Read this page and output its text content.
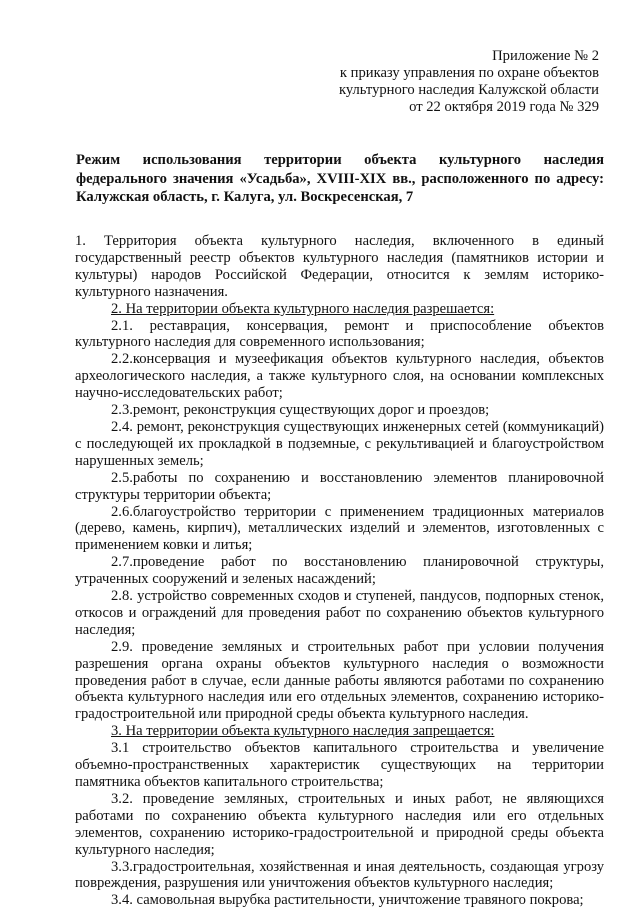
Приложение № 2
к приказу управления по охране объектов
культурного наследия Калужской области
от 22 октября 2019 года № 329
Режим использования территории объекта культурного наследия федерального значения «Усадьба», XVIII-XIX вв., расположенного по адресу: Калужская область, г. Калуга, ул. Воскресенская, 7
1. Территория объекта культурного наследия, включенного в единый государственный реестр объектов культурного наследия (памятников истории и культуры) народов Российской Федерации, относится к землям историко-культурного назначения.
2. На территории объекта культурного наследия разрешается:
2.1. реставрация, консервация, ремонт и приспособление объектов культурного наследия для современного использования;
2.2.консервация и музеефикация объектов культурного наследия, объектов археологического наследия, а также культурного слоя, на основании комплексных научно-исследовательских работ;
2.3.ремонт, реконструкция существующих дорог и проездов;
2.4. ремонт, реконструкция существующих инженерных сетей (коммуникаций) с последующей их прокладкой в подземные, с рекультивацией и благоустройством нарушенных земель;
2.5.работы по сохранению и восстановлению элементов планировочной структуры территории объекта;
2.6.благоустройство территории с применением традиционных материалов (дерево, камень, кирпич), металлических изделий и элементов, изготовленных с применением ковки и литья;
2.7.проведение работ по восстановлению планировочной структуры, утраченных сооружений и зеленых насаждений;
2.8. устройство современных сходов и ступеней, пандусов, подпорных стенок, откосов и ограждений для проведения работ по сохранению объектов культурного наследия;
2.9. проведение земляных и строительных работ при условии получения разрешения органа охраны объектов культурного наследия о возможности проведения работ в случае, если данные работы являются работами по сохранению объекта культурного наследия или его отдельных элементов, сохранению историко-градостроительной или природной среды объекта культурного наследия.
3. На территории объекта культурного наследия запрещается:
3.1 строительство объектов капитального строительства и увеличение объемно-пространственных характеристик существующих на территории памятника объектов капитального строительства;
3.2. проведение земляных, строительных и иных работ, не являющихся работами по сохранению объекта культурного наследия или его отдельных элементов, сохранению историко-градостроительной и природной среды объекта культурного наследия;
3.3.градостроительная, хозяйственная и иная деятельность, создающая угрозу повреждения, разрушения или уничтожения объектов культурного наследия;
3.4. самовольная вырубка растительности, уничтожение травяного покрова;
